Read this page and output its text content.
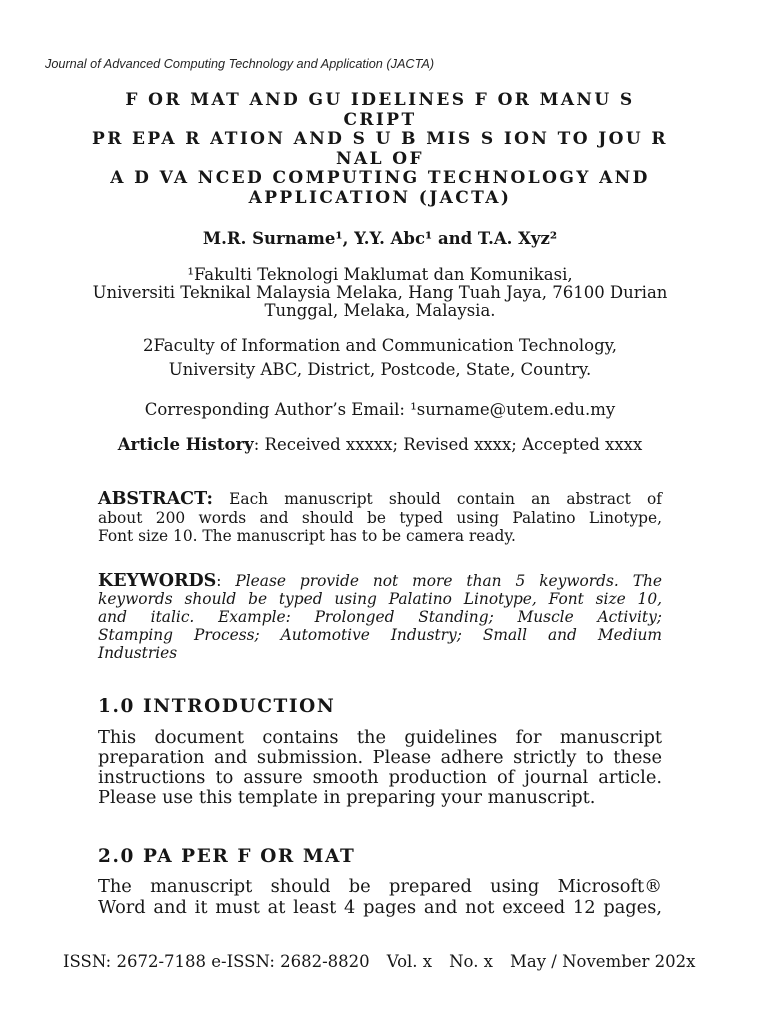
Journal of Advanced Computing Technology and Application (JACTA)
F OR MAT AND GU IDELINES F OR MANU S
CRIPT
PR EPA R ATION AND S U B MIS S ION TO JOU R
NAL OF
A D VA NCED COMPUTING TECHNOLOGY AND
APPLICATION (JACTA)
M.R. Surname¹, Y.Y. Abc¹ and T.A. Xyz²
¹Fakulti Teknologi Maklumat dan Komunikasi,
Universiti Teknikal Malaysia Melaka, Hang Tuah Jaya, 76100 Durian
Tunggal, Melaka, Malaysia.
2Faculty of Information and Communication Technology,
University ABC, District, Postcode, State, Country.
Corresponding Author’s Email: ¹surname@utem.edu.my
Article History: Received xxxxx; Revised xxxx; Accepted xxxx
ABSTRACT: Each manuscript should contain an abstract of
about 200 words and should be typed using Palatino Linotype,
Font size 10. The manuscript has to be camera ready.
KEYWORDS: Please provide not more than 5 keywords. The
keywords should be typed using Palatino Linotype, Font size 10,
and italic. Example: Prolonged Standing; Muscle Activity;
Stamping Process; Automotive Industry; Small and Medium
Industries
1.0 INTRODUCTION
This document contains the guidelines for manuscript
preparation and submission. Please adhere strictly to these
instructions to assure smooth production of journal article.
Please use this template in preparing your manuscript.
2.0 PA PER F OR MAT
The manuscript should be prepared using Microsoft®
Word and it must at least 4 pages and not exceed 12 pages,
ISSN: 2672-7188 e-ISSN: 2682-8820 Vol. x No. x May / November 202x
